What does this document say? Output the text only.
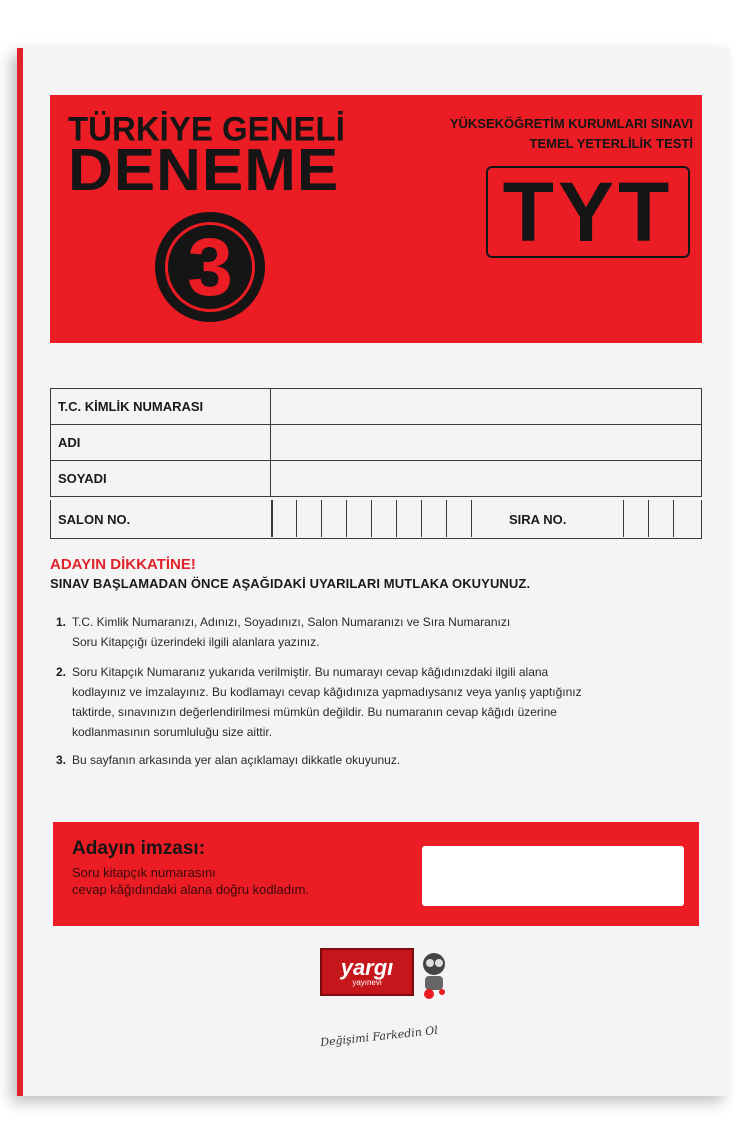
TÜRKİYE GENELİ
DENEME
3
YÜKSEKÖĞRETİM KURUMLARI SINAVI
TEMEL YETERLİLİK TESTİ
TYT
T.C. KİMLİK NUMARASI	
ADI	
SOYADI	
SALON NO.	SIRA NO.
ADAYIN DİKKATİNE!
SINAV BAŞLAMADAN ÖNCE AŞAĞIDAKİ UYARILARI MUTLAKA OKUYUNUZ.
1. T.C. Kimlik Numaranızı, Adınızı, Soyadınızı, Salon Numaranızı ve Sıra Numaranızı
Soru Kitapçığı üzerindeki ilgili alanlara yazınız.
2. Soru Kitapçık Numaranız yukarıda verilmiştir. Bu numarayı cevap kâğıdınızdaki ilgili alana
kodlayınız ve imzalayınız. Bu kodlamayı cevap kâğıdınıza yapmadıysanız veya yanlış yaptığınız
taktirde, sınavınızın değerlendirilmesi mümkün değildir. Bu numaranın cevap kâğıdı üzerine
kodlanmasının sorumluluğu size aittir.
3. Bu sayfanın arkasında yer alan açıklamayı dikkatle okuyunuz.
Adayın imzası:
Soru kitapçık numarasını
cevap kâğıdındaki alana doğru kodladım.
yargı
yayınevi
Değişimi Farkedin Ol
